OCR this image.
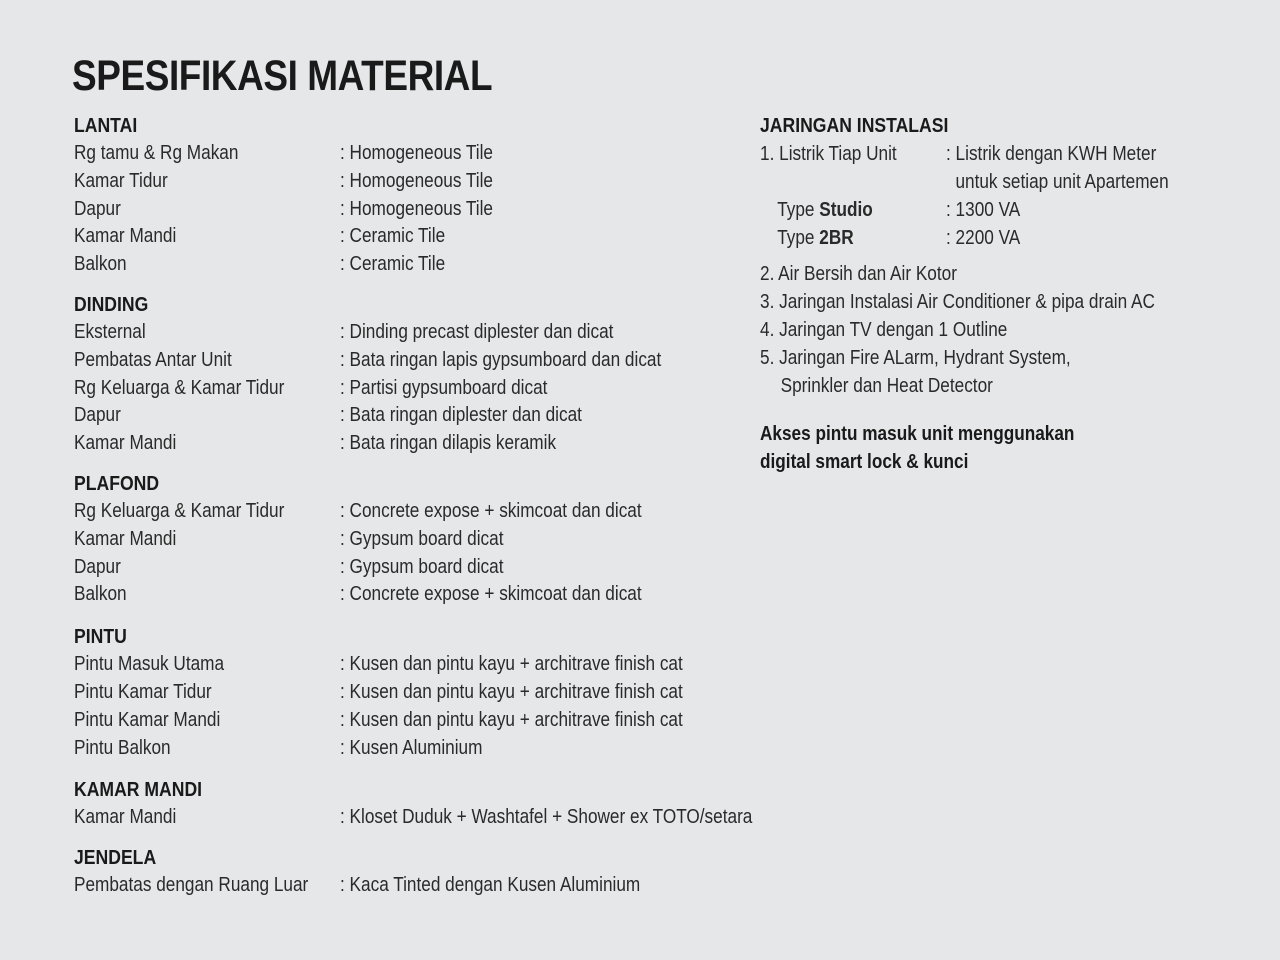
SPESIFIKASI MATERIAL
LANTAI
Rg tamu & Rg Makan	: Homogeneous Tile
Kamar Tidur	: Homogeneous Tile
Dapur	: Homogeneous Tile
Kamar Mandi	: Ceramic Tile
Balkon	: Ceramic Tile
DINDING
Eksternal	: Dinding precast diplester dan dicat
Pembatas Antar Unit	: Bata ringan lapis gypsumboard dan dicat
Rg Keluarga & Kamar Tidur	: Partisi gypsumboard dicat
Dapur	: Bata ringan diplester dan dicat
Kamar Mandi	: Bata ringan dilapis keramik
PLAFOND
Rg Keluarga & Kamar Tidur	: Concrete expose + skimcoat dan dicat
Kamar Mandi	: Gypsum board dicat
Dapur	: Gypsum board dicat
Balkon	: Concrete expose + skimcoat dan dicat
PINTU
Pintu Masuk Utama	: Kusen dan pintu kayu + architrave finish cat
Pintu Kamar Tidur	: Kusen dan pintu kayu + architrave finish cat
Pintu Kamar Mandi	: Kusen dan pintu kayu + architrave finish cat
Pintu Balkon	: Kusen Aluminium
KAMAR MANDI
Kamar Mandi	: Kloset Duduk + Washtafel + Shower ex TOTO/setara
JENDELA
Pembatas dengan Ruang Luar : Kaca Tinted dengan Kusen Aluminium
JARINGAN INSTALASI
1. Listrik Tiap Unit	: Listrik dengan KWH Meter
untuk setiap unit Apartemen
Type Studio	: 1300 VA
Type 2BR	: 2200 VA
2. Air Bersih dan Air Kotor
3. Jaringan Instalasi Air Conditioner & pipa drain AC
4. Jaringan TV dengan 1 Outline
5. Jaringan Fire ALarm, Hydrant System,
Sprinkler dan Heat Detector
Akses pintu masuk unit menggunakan
digital smart lock & kunci
